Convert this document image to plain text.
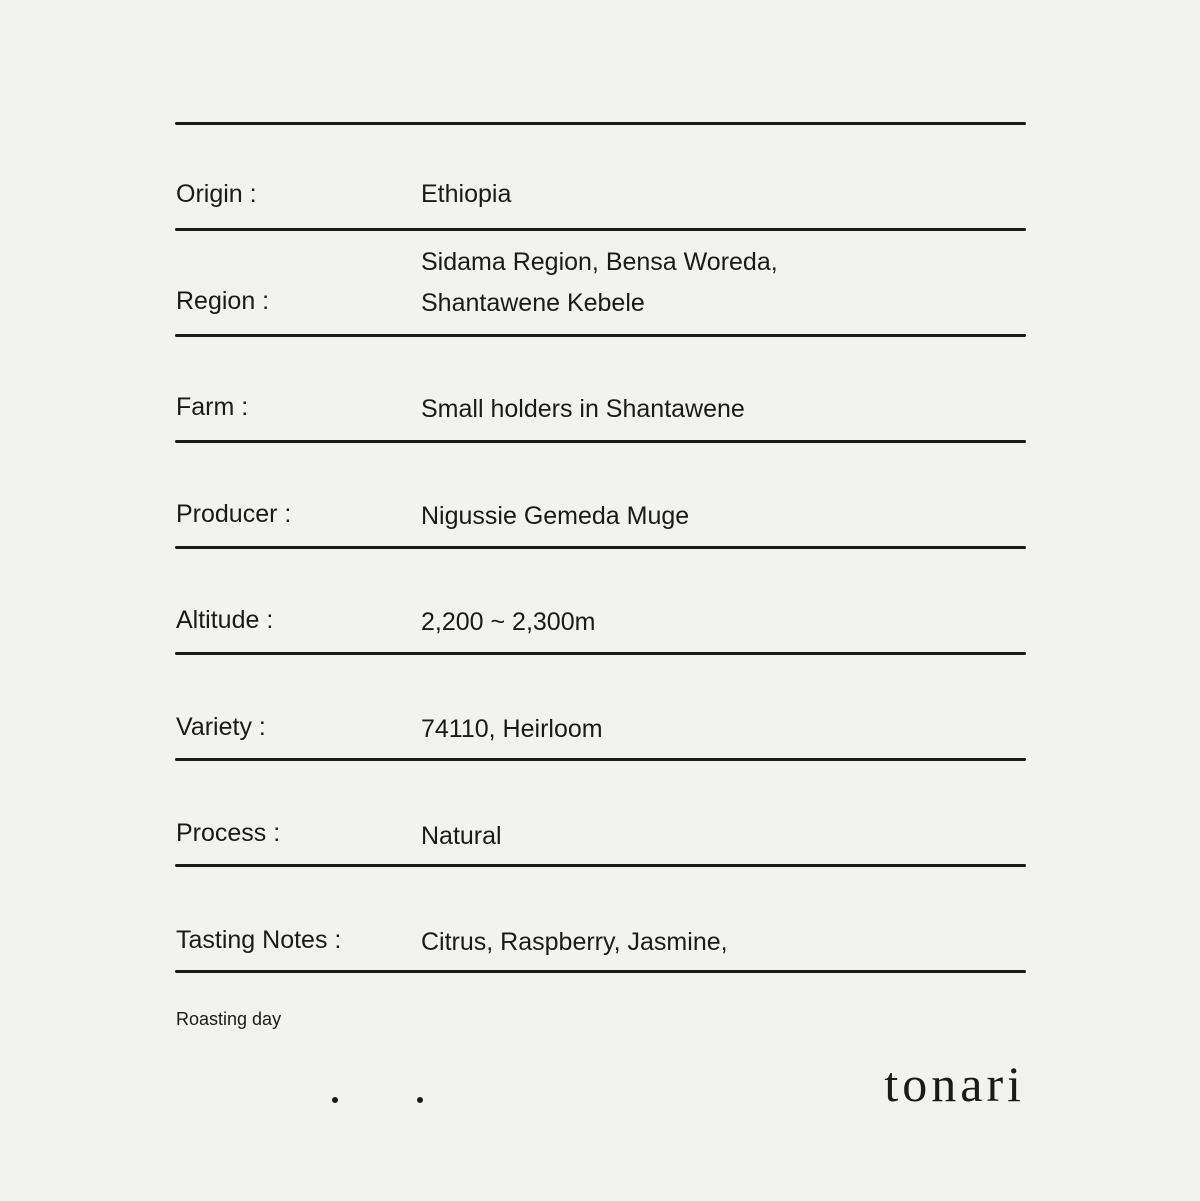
Origin :	Ethiopia
Region :
Sidama Region, Bensa Woreda,
Shantawene Kebele
Farm :	Small holders in Shantawene
Producer :	Nigussie Gemeda Muge
Altitude :	2,200 ~ 2,300m
Variety :	74110, Heirloom
Process :	Natural
Tasting Notes :	Citrus, Raspberry, Jasmine,
Roasting day
tonari
